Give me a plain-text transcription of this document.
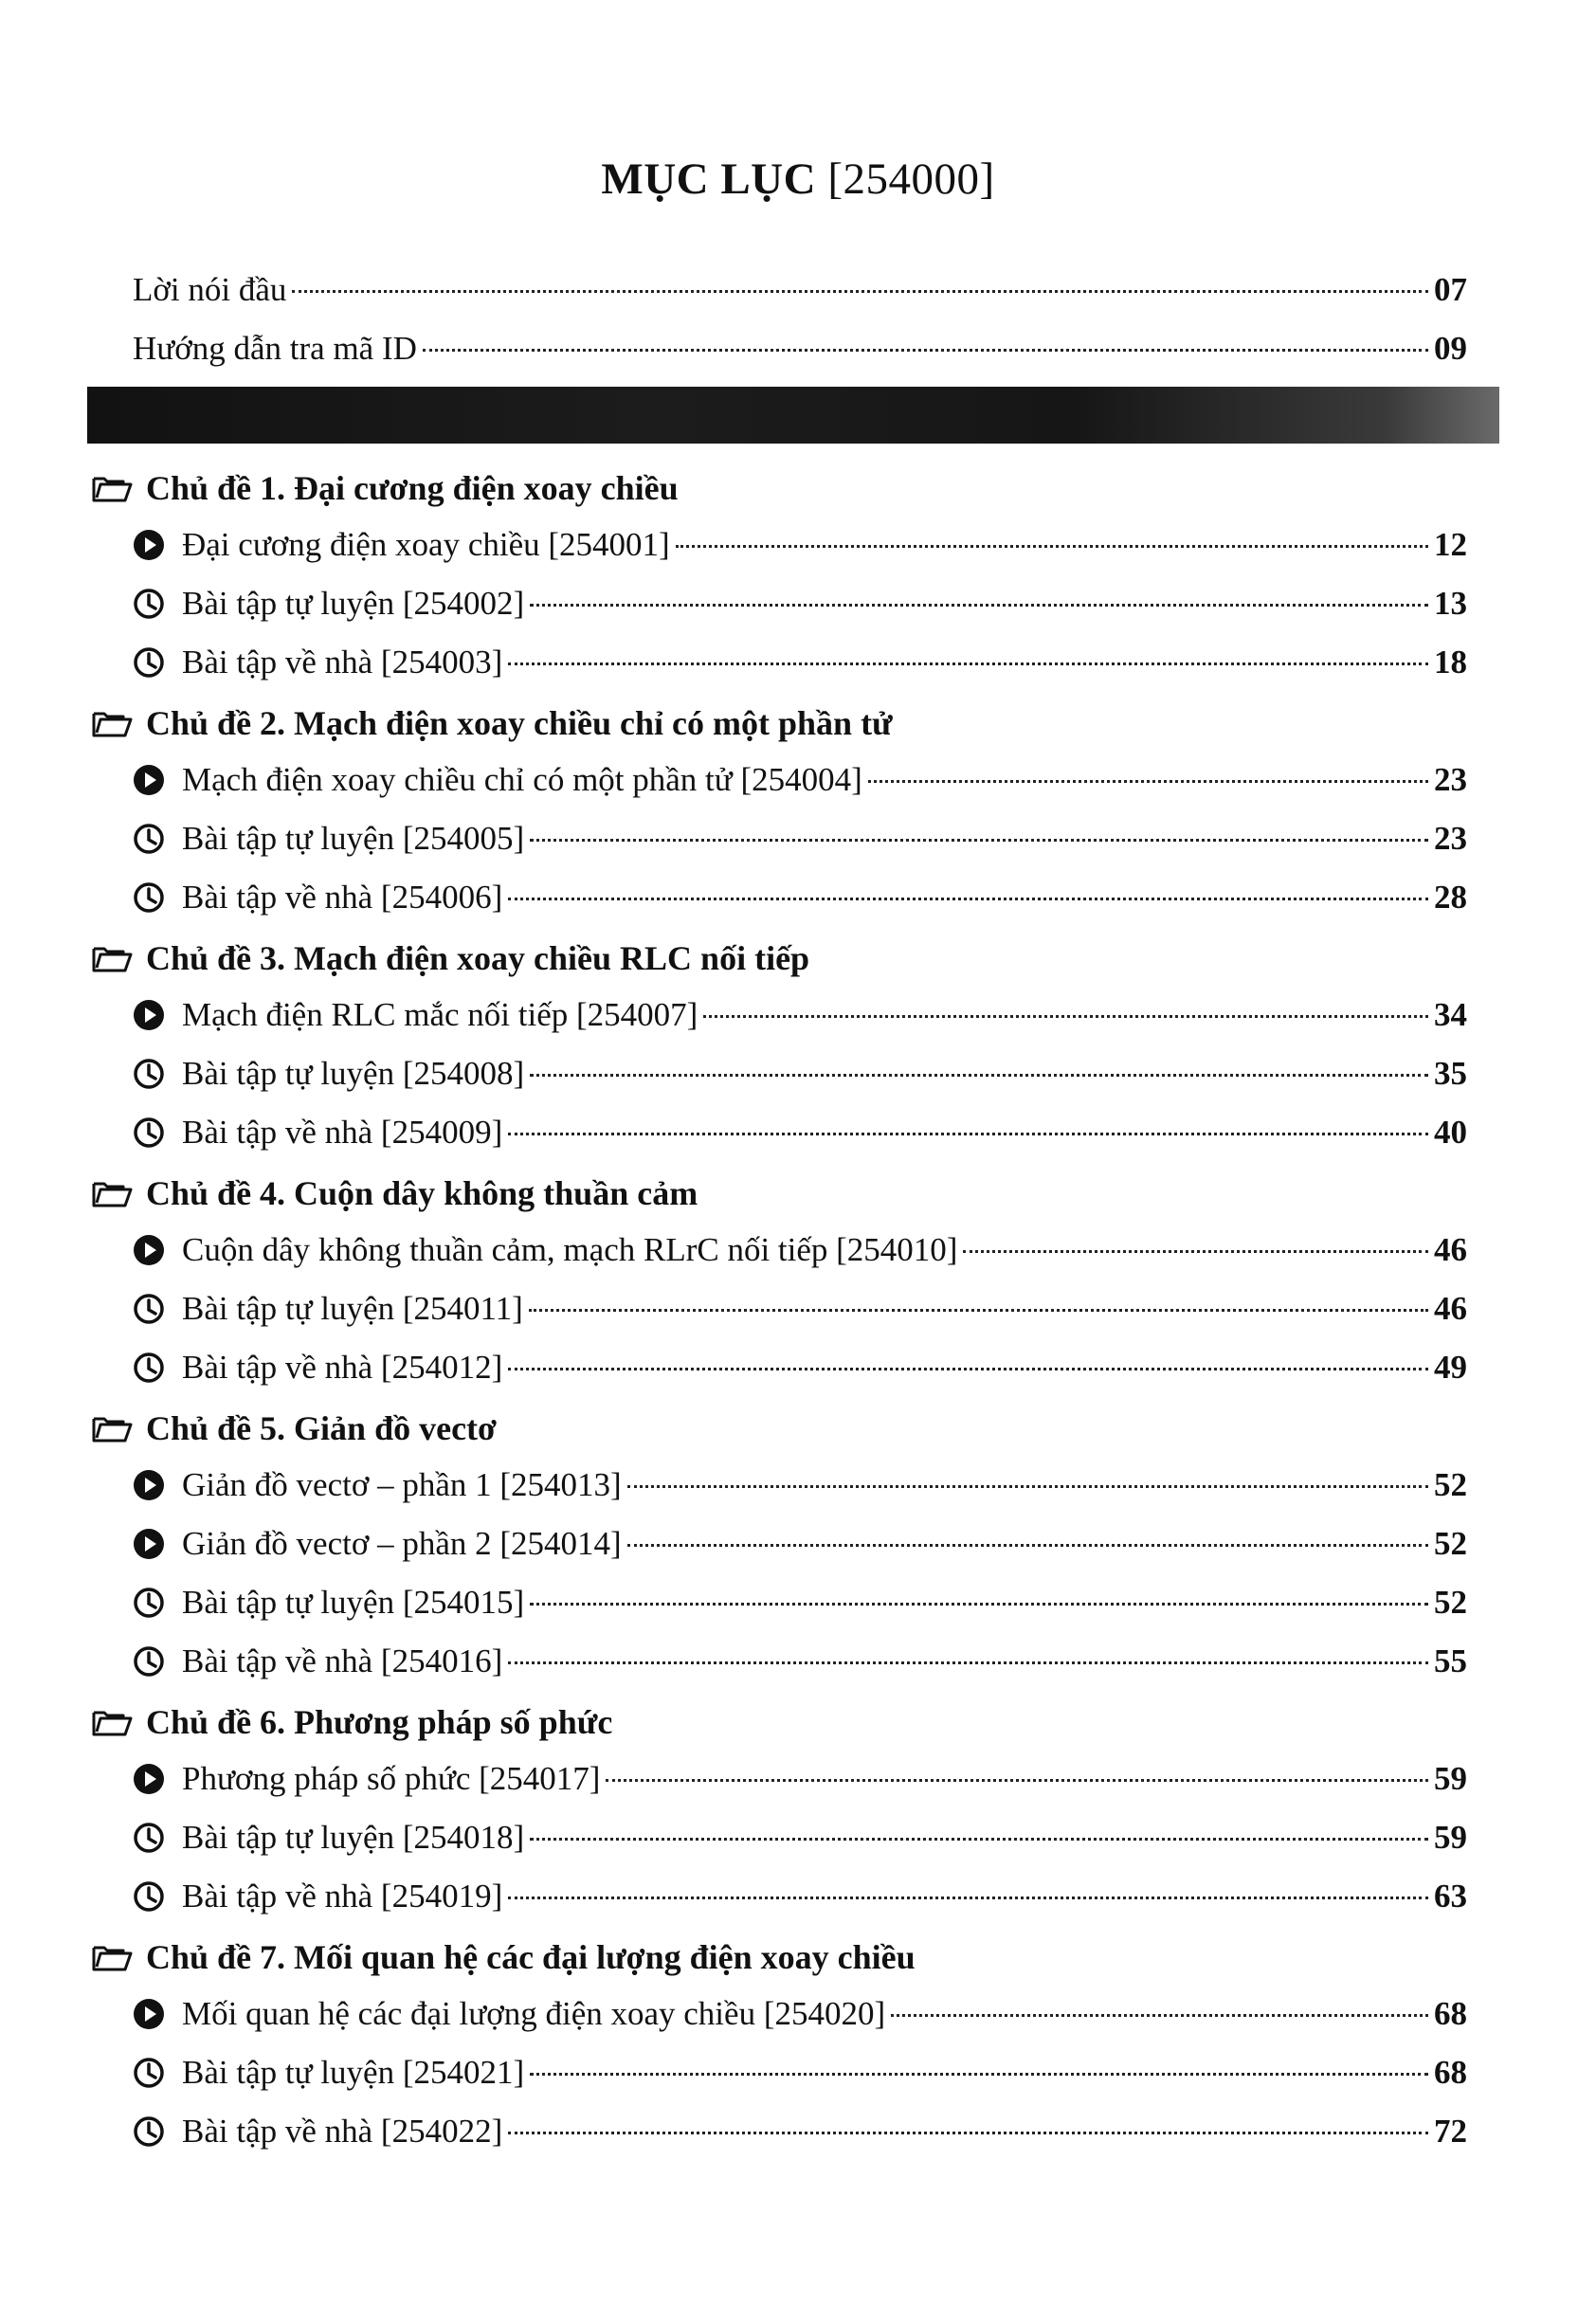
MỤC LỤC [254000]
Lời nói đầu	07
Hướng dẫn tra mã ID	09
Chủ đề 1. Đại cương điện xoay chiều
Đại cương điện xoay chiều [254001]	12
Bài tập tự luyện [254002]	13
Bài tập về nhà [254003]	18
Chủ đề 2. Mạch điện xoay chiều chỉ có một phần tử
Mạch điện xoay chiều chỉ có một phần tử [254004]	23
Bài tập tự luyện [254005]	23
Bài tập về nhà [254006]	28
Chủ đề 3. Mạch điện xoay chiều RLC nối tiếp
Mạch điện RLC mắc nối tiếp [254007]	34
Bài tập tự luyện [254008]	35
Bài tập về nhà [254009]	40
Chủ đề 4. Cuộn dây không thuần cảm
Cuộn dây không thuần cảm, mạch RLrC nối tiếp [254010]	46
Bài tập tự luyện [254011]	46
Bài tập về nhà [254012]	49
Chủ đề 5. Giản đồ vectơ
Giản đồ vectơ – phần 1 [254013]	52
Giản đồ vectơ – phần 2 [254014]	52
Bài tập tự luyện [254015]	52
Bài tập về nhà [254016]	55
Chủ đề 6. Phương pháp số phức
Phương pháp số phức [254017]	59
Bài tập tự luyện [254018]	59
Bài tập về nhà [254019]	63
Chủ đề 7. Mối quan hệ các đại lượng điện xoay chiều
Mối quan hệ các đại lượng điện xoay chiều [254020]	68
Bài tập tự luyện [254021]	68
Bài tập về nhà [254022]	72
